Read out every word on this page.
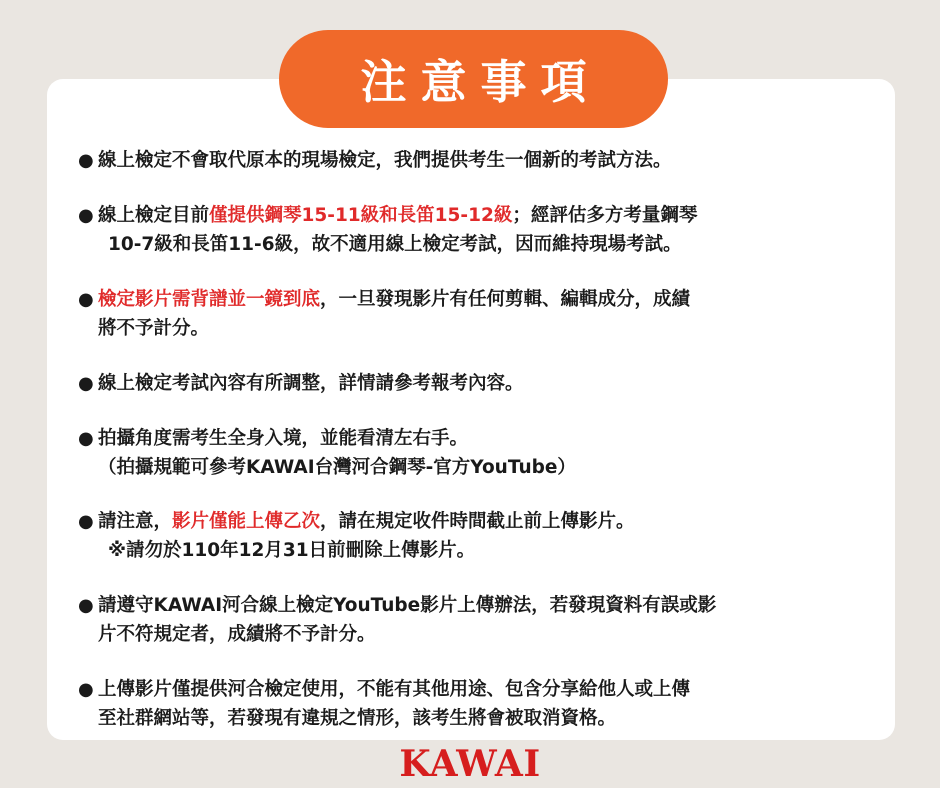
注意事項
● 線上檢定不會取代原本的現場檢定，我們提供考生一個新的考試方法。
● 線上檢定目前僅提供鋼琴15-11級和長笛15-12級；經評估多方考量鋼琴
10-7級和長笛11-6級，故不適用線上檢定考試，因而維持現場考試。
● 檢定影片需背譜並一鏡到底，一旦發現影片有任何剪輯、編輯成分，成績
將不予計分。
● 線上檢定考試內容有所調整，詳情請參考報考內容。
● 拍攝角度需考生全身入境，並能看清左右手。
（拍攝規範可參考KAWAI台灣河合鋼琴-官方YouTube）
● 請注意，影片僅能上傳乙次，請在規定收件時間截止前上傳影片。
※請勿於110年12月31日前刪除上傳影片。
● 請遵守KAWAI河合線上檢定YouTube影片上傳辦法，若發現資料有誤或影
片不符規定者，成績將不予計分。
● 上傳影片僅提供河合檢定使用，不能有其他用途、包含分享給他人或上傳
至社群網站等，若發現有違規之情形，該考生將會被取消資格。
KAWAI
